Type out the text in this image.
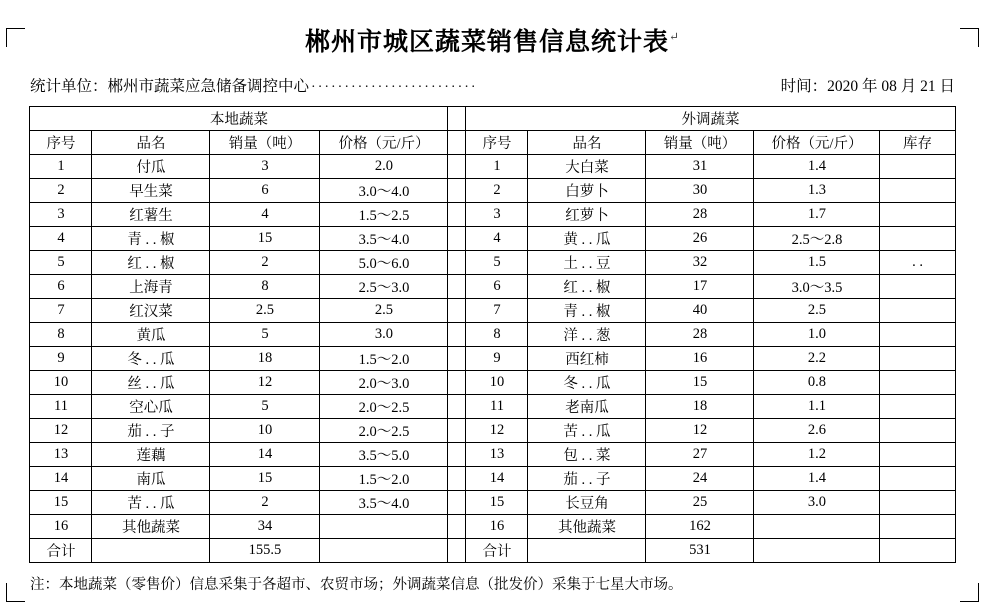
郴州市城区蔬菜销售信息统计表↵
统计单位： 郴州市蔬菜应急储备调控中心 ·························	时间： 2020 年 08 月 21 日
本地蔬菜					外调蔬菜				
序号	品名	销量（吨）	价格（元/斤）		序号	品名	销量（吨）	价格（元/斤）	库存
1	付瓜	3	2.0		1	大白菜	31	1.4	
2	早生菜	6	3.0～4.0		2	白萝卜	30	1.3	
3	红薯生	4	1.5～2.5		3	红萝卜	28	1.7	
4	青 . . 椒	15	3.5～4.0		4	黄 . . 瓜	26	2.5～2.8	
5	红 . . 椒	2	5.0～6.0		5	土 . . 豆	32	1.5	. .
6	上海青	8	2.5～3.0		6	红 . . 椒	17	3.0～3.5	
7	红汉菜	2.5	2.5		7	青 . . 椒	40	2.5	
8	黄瓜	5	3.0		8	洋 . . 葱	28	1.0	
9	冬 . . 瓜	18	1.5～2.0		9	西红柿	16	2.2	
10	丝 . . 瓜	12	2.0～3.0		10	冬 . . 瓜	15	0.8	
11	空心瓜	5	2.0～2.5		11	老南瓜	18	1.1	
12	茄 . . 子	10	2.0～2.5		12	苦 . . 瓜	12	2.6	
13	莲藕	14	3.5～5.0		13	包 . . 菜	27	1.2	
14	南瓜	15	1.5～2.0		14	茄 . . 子	24	1.4	
15	苦 . . 瓜	2	3.5～4.0		15	长豆角	25	3.0	
16	其他蔬菜	34			16	其他蔬菜	162		
合计		155.5			合计		531		
注：本地蔬菜（零售价）信息采集于各超市、农贸市场；外调蔬菜信息（批发价）采集于七星大市场。
